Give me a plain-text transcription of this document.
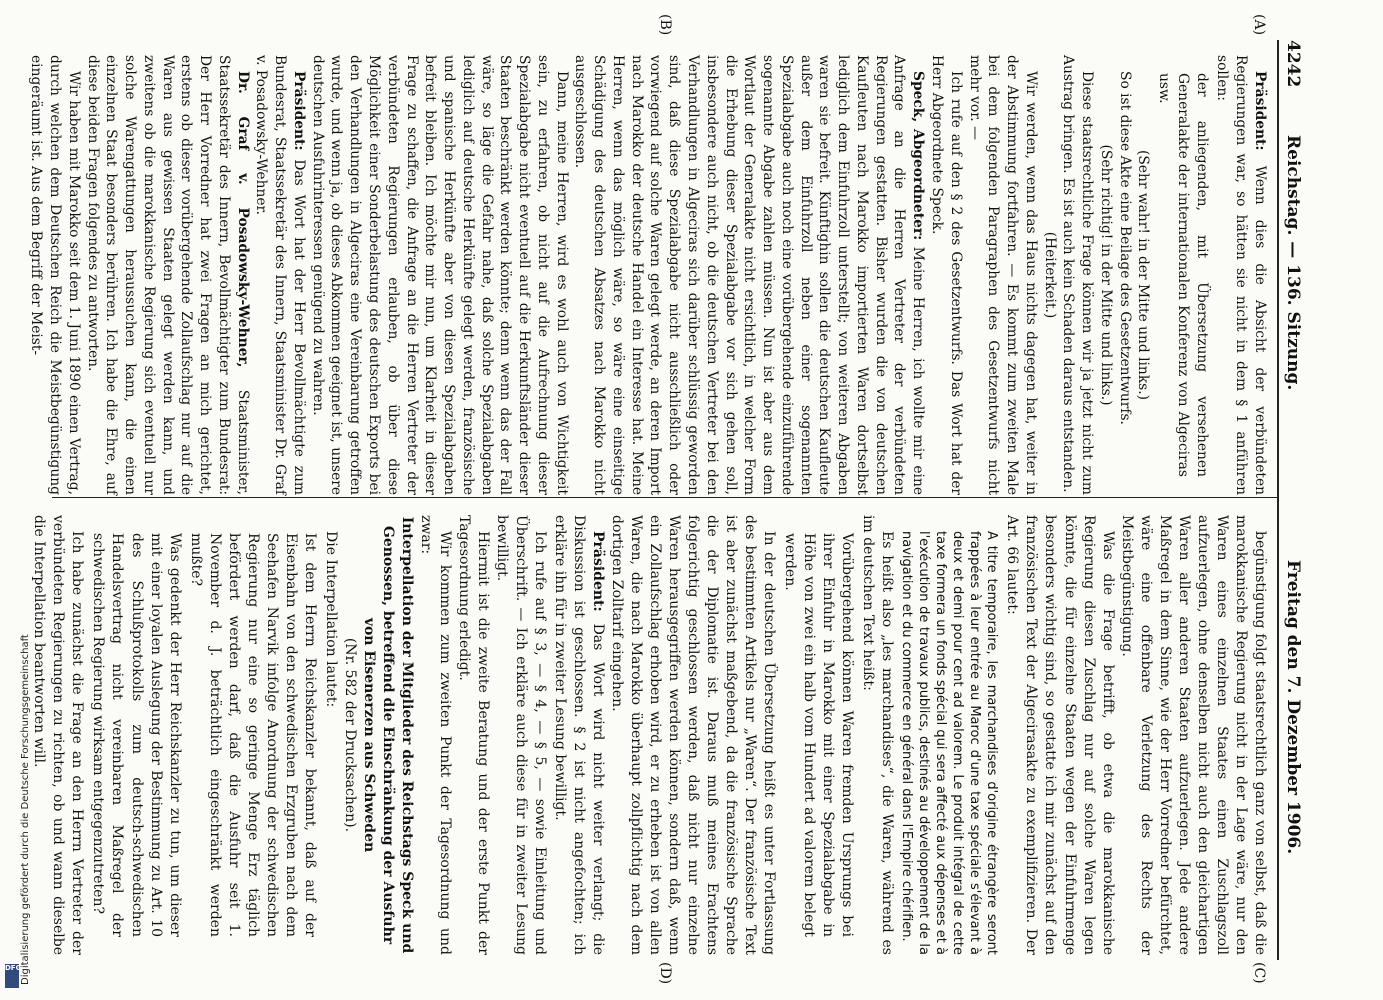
4242
Reichstag. — 136. Sitzung.
Freitag den 7. Dezember 1906.
(A)
(B)
(C)
(D)

Präsident: Wenn dies die Absicht der verbündeten Regierungen war, so hätten sie nicht in dem § 1 anführen sollen:

der anliegenden, mit Übersetzung versehenen Generalakte der internationalen Konferenz von Algeciras usw.

(Sehr wahr! in der Mitte und links.)

So ist diese Akte eine Beilage des Gesetzentwurfs.

(Sehr richtig! in der Mitte und links.)

Diese staatsrechtliche Frage können wir ja jetzt nicht zum Austrag bringen. Es ist auch kein Schaden daraus entstanden.

(Heiterkeit.)

Wir werden, wenn das Haus nichts dagegen hat, weiter in der Abstimmung fortfahren. — Es kommt zum zweiten Male bei dem folgenden Paragraphen des Gesetzentwurfs nicht mehr vor. —

Ich rufe auf den § 2 des Gesetzentwurfs. Das Wort hat der Herr Abgeordnete Speck.

Speck, Abgeordneter: Meine Herren, ich wollte mir eine Anfrage an die Herren Vertreter der verbündeten Regierungen gestatten. Bisher wurden die von deutschen Kaufleuten nach Marokko importierten Waren dortselbst lediglich dem Einfuhrzoll unterstellt; von weiteren Abgaben waren sie befreit. Künftighin sollen die deutschen Kaufleute außer dem Einfuhrzoll neben einer sogenannten Spezialabgabe auch noch eine vorübergehende einzuführende sogenannte Abgabe zahlen müssen. Nun ist aber aus dem Wortlaut der Generalakte nicht ersichtlich, in welcher Form die Erhebung dieser Spezialabgabe vor sich gehen soll, insbesondere auch nicht, ob die deutschen Vertreter bei den Verhandlungen in Algeciras sich darüber schlüssig geworden sind, daß diese Spezialabgabe nicht ausschließlich oder vorwiegend auf solche Waren gelegt werde, an deren Import nach Marokko der deutsche Handel ein Interesse hat. Meine Herren, wenn das möglich wäre, so wäre eine einseitige Schädigung des deutschen Absatzes nach Marokko nicht ausgeschlossen.

Dann, meine Herren, wird es wohl auch von Wichtigkeit sein, zu erfahren, ob nicht auf die Aufrechnung dieser Spezialabgabe nicht eventuell auf die Herkunftsländer dieser Staaten beschränkt werden könnte; denn wenn das der Fall wäre, so läge die Gefahr nahe, daß solche Spezialabgaben lediglich auf deutsche Herkünfte gelegt werden, französische und spanische Herkünfte aber von diesen Spezialabgaben befreit bleiben. Ich möchte mir nun, um Klarheit in dieser Frage zu schaffen, die Anfrage an die Herren Vertreter der verbündeten Regierungen erlauben, ob über diese Möglichkeit einer Sonderbelastung des deutschen Exports bei den Verhandlungen in Algeciras eine Vereinbarung getroffen wurde, und wenn ja, ob dieses Abkommen geeignet ist, unsere deutschen Ausfuhrinteressen genügend zu wahren.

Präsident: Das Wort hat der Herr Bevollmächtigte zum Bundesrat, Staatssekretär des Innern, Staatsminister Dr. Graf v. Posadowsky-Wehner.

Dr. Graf v. Posadowsky-Wehner, Staatsminister, Staatssekretär des Innern, Bevollmächtigter zum Bundesrat: Der Herr Vorredner hat zwei Fragen an mich gerichtet, erstens ob dieser vorübergehende Zollaufschlag nur auf die Waren aus gewissen Staaten gelegt werden kann, und zweitens ob die marokkanische Regierung sich eventuell nur solche Warengattungen heraussuchen kann, die einen einzelnen Staat besonders berühren. Ich habe die Ehre, auf diese beiden Fragen folgendes zu antworten.

Wir haben mit Marokko seit dem 1. Juni 1890 einen Vertrag, durch welchen dem Deutschen Reich die Meistbegünstigung eingeräumt ist. Aus dem Begriff der Meist-

begünstigung folgt staatsrechtlich ganz von selbst, daß die marokkanische Regierung nicht in der Lage wäre, nur den Waren eines einzelnen Staates einen Zuschlagszoll aufzuerlegen, ohne denselben nicht auch den gleichartigen Waren aller anderen Staaten aufzuerlegen. Jede andere Maßregel in dem Sinne, wie der Herr Vorredner befürchtet, wäre eine offenbare Verletzung des Rechts der Meistbegünstigung.

Was die Frage betrifft, ob etwa die marokkanische Regierung diesen Zuschlag nur auf solche Waren legen könnte, die für einzelne Staaten wegen der Einfuhrmenge besonders wichtig sind, so gestatte ich mir zunächst auf den französischen Text der Algecirasakte zu exemplifizieren. Der Art. 66 lautet:

A titre temporaire, les marchandises d'origine étrangère seront frappées à leur entrée au Maroc d'une taxe spéciale s'élevant à deux et demi pour cent ad valorem. Le produit intégral de cette taxe formera un fonds spécial qui sera affecté aux dépenses et à l'exécution de travaux publics, destinés au développement de la navigation et du commerce en général dans l'Empire chérifien.

Es heißt also „les marchandises“, die Waren, während es im deutschen Text heißt:

Vorübergehend können Waren fremden Ursprungs bei ihrer Einfuhr in Marokko mit einer Spezialabgabe in Höhe von zwei ein halb vom Hundert ad valorem belegt werden.

In der deutschen Übersetzung heißt es unter Fortlassung des bestimmten Artikels nur „Waren“. Der französische Text ist aber zunächst maßgebend, da die französische Sprache die der Diplomatie ist. Daraus muß meines Erachtens folgerichtig geschlossen werden, daß nicht nur einzelne Waren herausgegriffen werden können, sondern daß, wenn ein Zollaufschlag erhoben wird, er zu erheben ist von allen Waren, die nach Marokko überhaupt zollpflichtig nach dem dortigen Zolltarif eingehen.

Präsident: Das Wort wird nicht weiter verlangt; die Diskussion ist geschlossen. § 2 ist nicht angefochten; ich erkläre ihn für in zweiter Lesung bewilligt.

Ich rufe auf § 3, — § 4, — § 5, — sowie Einleitung und Überschrift. — Ich erkläre auch diese für in zweiter Lesung bewilligt.

Hiermit ist die zweite Beratung und der erste Punkt der Tagesordnung erledigt.

Wir kommen zum zweiten Punkt der Tagesordnung und zwar:

Interpellation der Mitglieder des Reichstags Speck und Genossen, betreffend die Einschränkung der Ausfuhr von Eisenerzen aus Schweden

(Nr. 582 der Drucksachen).

Die Interpellation lautet:

Ist dem Herrn Reichskanzler bekannt, daß auf der Eisenbahn von den schwedischen Erzgruben nach dem Seehafen Narvik infolge Anordnung der schwedischen Regierung nur eine so geringe Menge Erz täglich befördert werden darf, daß die Ausfuhr seit 1. November d. J. beträchtlich eingeschränkt werden mußte?

Was gedenkt der Herr Reichskanzler zu tun, um dieser mit einer loyalen Auslegung der Bestimmung zu Art. 10 des Schlußprotokolls zum deutsch-schwedischen Handelsvertrag nicht vereinbaren Maßregel der schwedischen Regierung wirksam entgegenzutreten?

Ich habe zunächst die Frage an den Herrn Vertreter der verbündeten Regierungen zu richten, ob und wann dieselbe die Interpellation beantworten will.

DFG
Digitalisierung gefördert durch die Deutsche Forschungsgemeinschaft
